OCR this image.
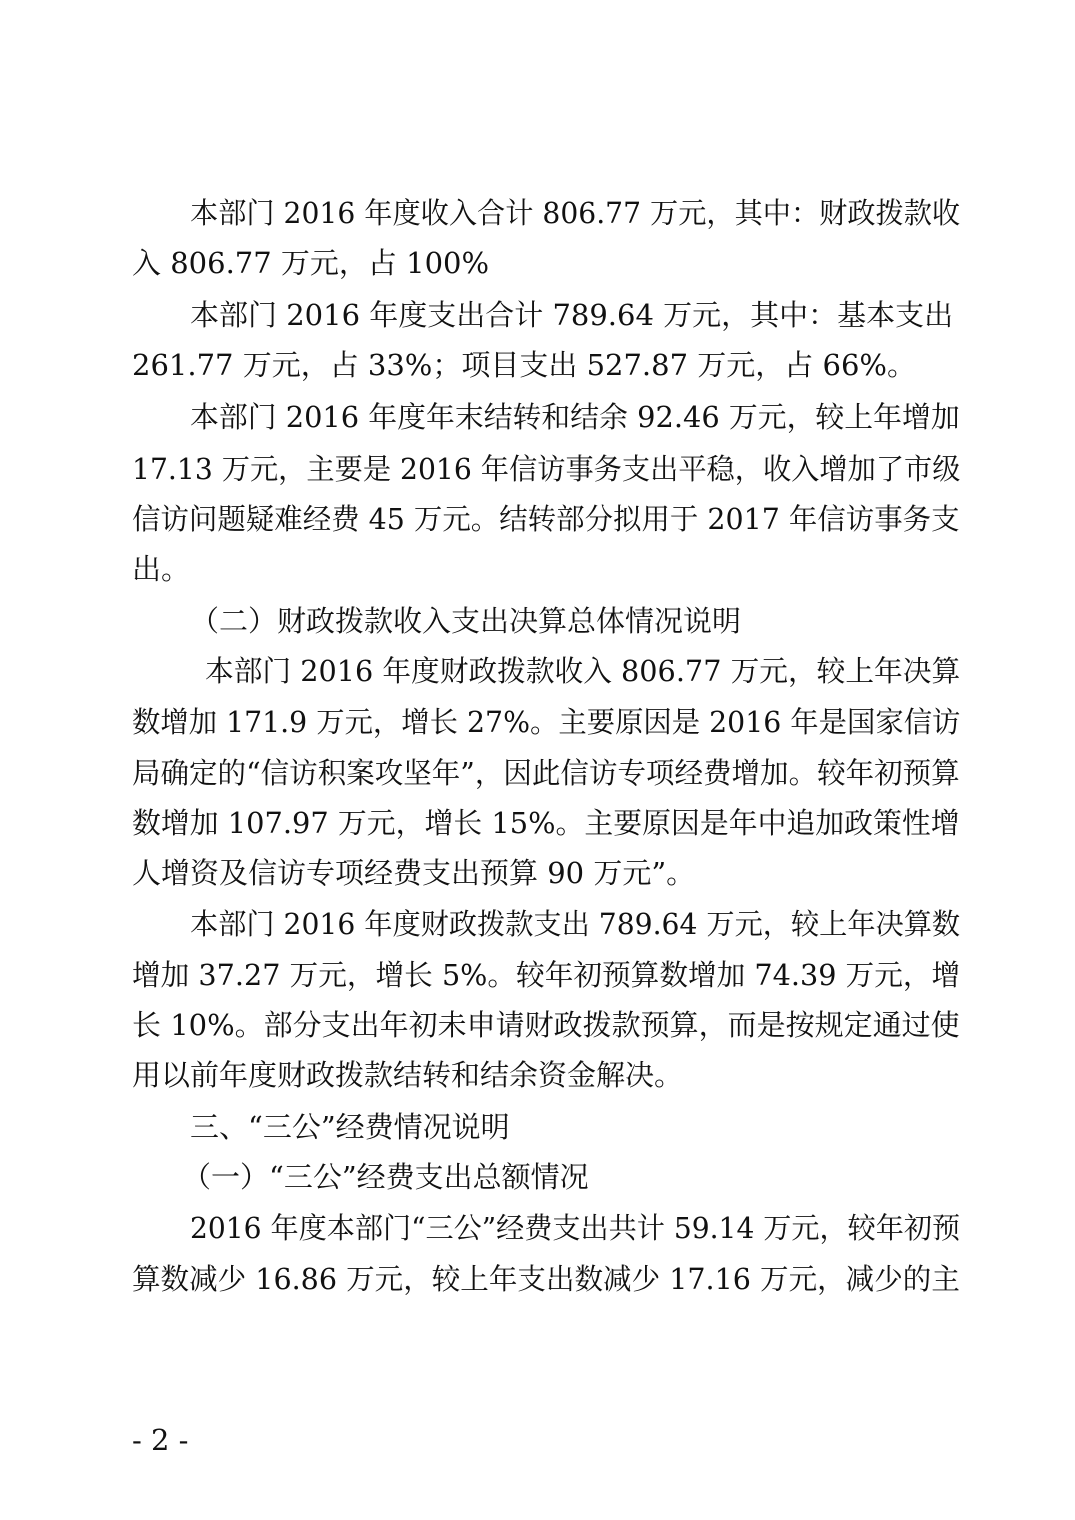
本部门 2016 年度收入合计 806.77 万元，其中：财政拨款收
入 806.77 万元，占 100%
本部门 2016 年度支出合计 789.64 万元，其中：基本支出
261.77 万元，占 33%；项目支出 527.87 万元，占 66%。
本部门 2016 年度年末结转和结余 92.46 万元，较上年增加
17.13 万元，主要是 2016 年信访事务支出平稳，收入增加了市级
信访问题疑难经费 45 万元。结转部分拟用于 2017 年信访事务支
出。
（二）财政拨款收入支出决算总体情况说明
本部门 2016 年度财政拨款收入 806.77 万元，较上年决算
数增加 171.9 万元，增长 27%。主要原因是 2016 年是国家信访
局确定的“信访积案攻坚年”，因此信访专项经费增加。较年初预算
数增加 107.97 万元，增长 15%。主要原因是年中追加政策性增
人增资及信访专项经费支出预算 90 万元”。
本部门 2016 年度财政拨款支出 789.64 万元，较上年决算数
增加 37.27 万元，增长 5%。较年初预算数增加 74.39 万元，增
长 10%。部分支出年初未申请财政拨款预算，而是按规定通过使
用以前年度财政拨款结转和结余资金解决。
三、“三公”经费情况说明
（一）“三公”经费支出总额情况
2016 年度本部门“三公”经费支出共计 59.14 万元，较年初预
算数减少 16.86 万元，较上年支出数减少 17.16 万元，减少的主
- 2 -
